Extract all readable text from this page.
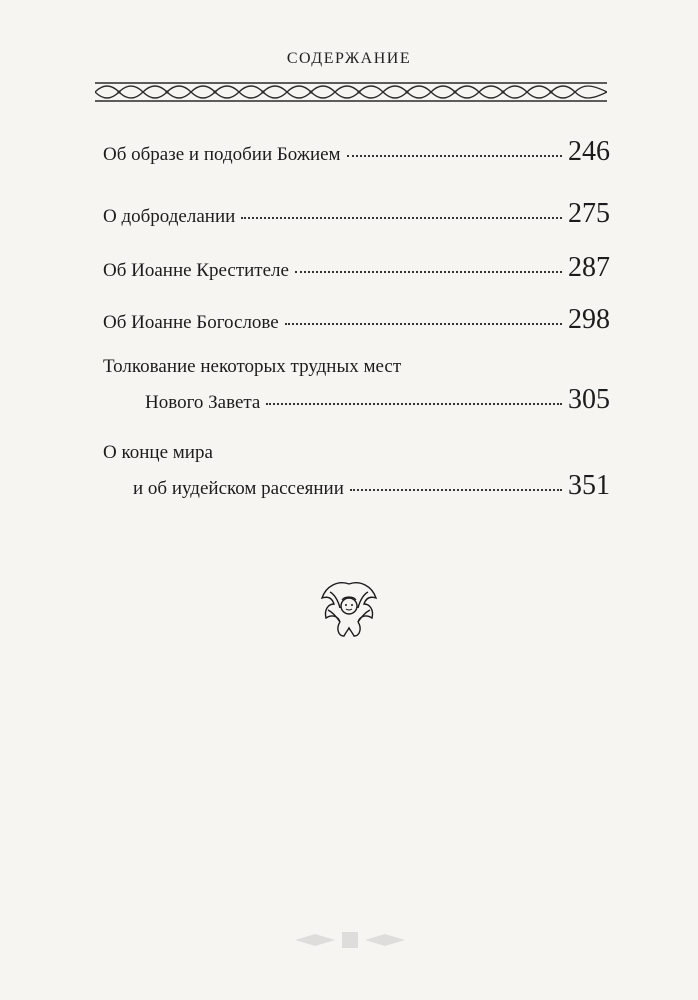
СОДЕРЖАНИЕ
Об образе и подобии Божием	246
О доброделании	275
Об Иоанне Крестителе	287
Об Иоанне Богослове	298
Толкование некоторых трудных мест
Нового Завета	305
О конце мира
и об иудейском рассеянии	351
